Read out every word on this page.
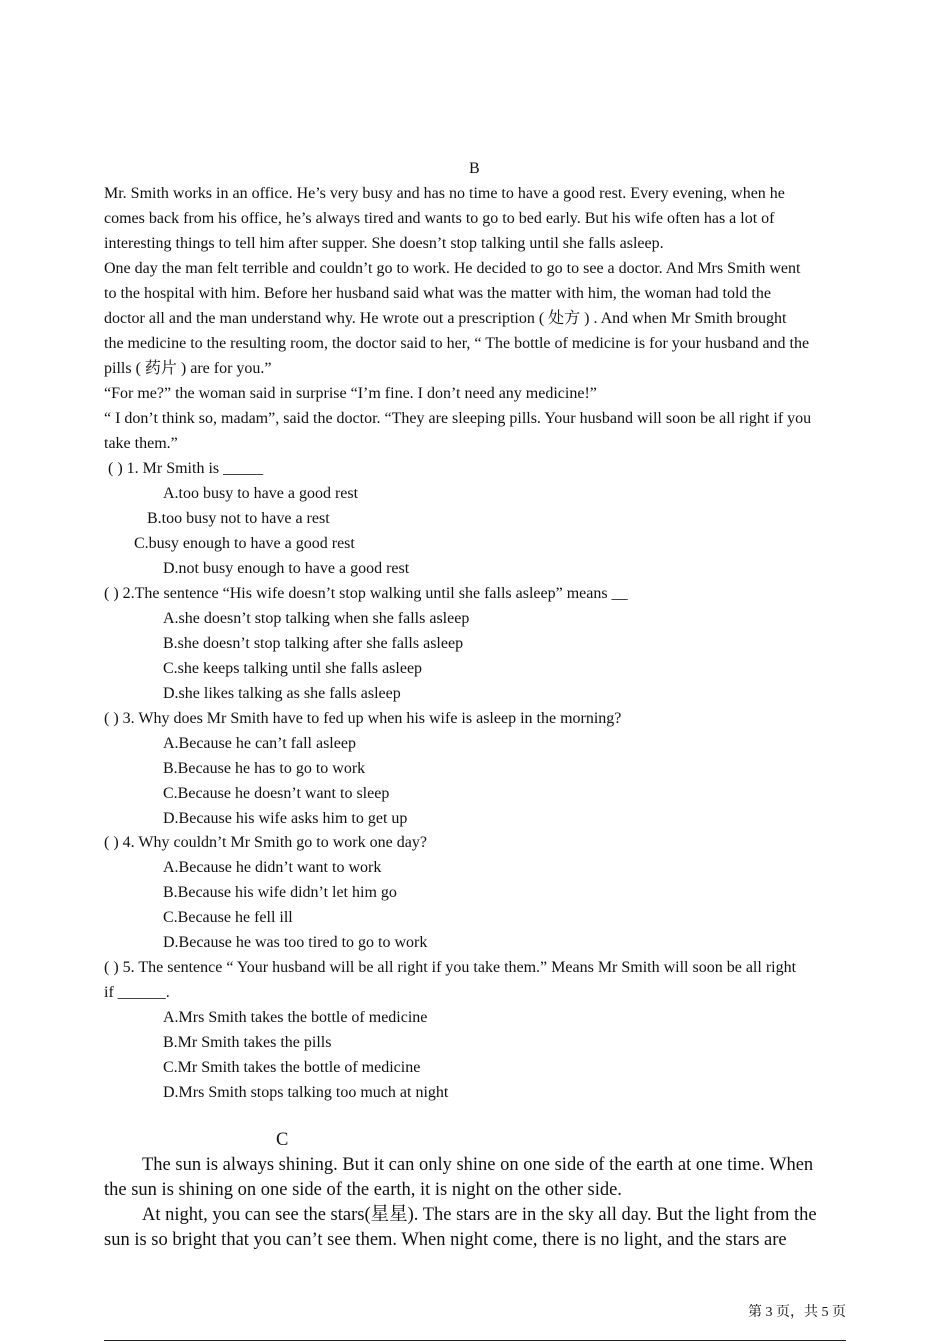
B
Mr. Smith works in an office. He’s very busy and has no time to have a good rest. Every evening, when he
comes back from his office, he’s always tired and wants to go to bed early. But his wife often has a lot of
interesting things to tell him after supper. She doesn’t stop talking until she falls asleep.
One day the man felt terrible and couldn’t go to work. He decided to go to see a doctor. And Mrs Smith went
to the hospital with him. Before her husband said what was the matter with him, the woman had told the
doctor all and the man understand why. He wrote out a prescription ( 处方 ) . And when Mr Smith brought
the medicine to the resulting room, the doctor said to her, “ The bottle of medicine is for your husband and the
pills ( 药片 ) are for you.”
“For me?” the woman said in surprise “I’m fine. I don’t need any medicine!”
“ I don’t think so, madam”, said the doctor. “They are sleeping pills. Your husband will soon be all right if you
take them.”
( ) 1. Mr Smith is _____
A.too busy to have a good rest
B.too busy not to have a rest
C.busy enough to have a good rest
D.not busy enough to have a good rest
( ) 2.The sentence “His wife doesn’t stop walking until she falls asleep” means __
A.she doesn’t stop talking when she falls asleep
B.she doesn’t stop talking after she falls asleep
C.she keeps talking until she falls asleep
D.she likes talking as she falls asleep
( ) 3. Why does Mr Smith have to fed up when his wife is asleep in the morning?
A.Because he can’t fall asleep
B.Because he has to go to work
C.Because he doesn’t want to sleep
D.Because his wife asks him to get up
( ) 4. Why couldn’t Mr Smith go to work one day?
A.Because he didn’t want to work
B.Because his wife didn’t let him go
C.Because he fell ill
D.Because he was too tired to go to work
( ) 5. The sentence “ Your husband will be all right if you take them.” Means Mr Smith will soon be all right
if ______.
A.Mrs Smith takes the bottle of medicine
B.Mr Smith takes the pills
C.Mr Smith takes the bottle of medicine
D.Mrs Smith stops talking too much at night
C
The sun is always shining. But it can only shine on one side of the earth at one time. When
the sun is shining on one side of the earth, it is night on the other side.
At night, you can see the stars(星星). The stars are in the sky all day. But the light from the
sun is so bright that you can’t see them. When night come, there is no light, and the stars are
第 3 页，共 5 页
